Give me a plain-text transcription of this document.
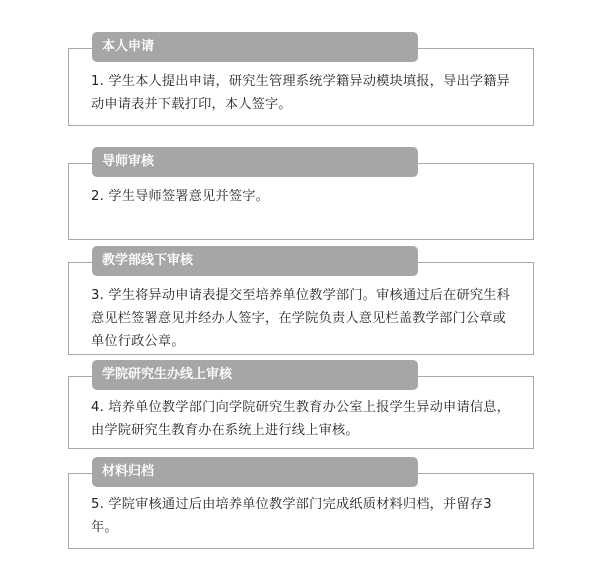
1. 学生本人提出申请，研究生管理系统学籍异动模块填报，导出学籍异动申请表并下载打印，本人签字。
本人申请
2. 学生导师签署意见并签字。
导师审核
3. 学生将异动申请表提交至培养单位教学部门。审核通过后在研究生科意见栏签署意见并经办人签字，在学院负责人意见栏盖教学部门公章或单位行政公章。
教学部线下审核
4. 培养单位教学部门向学院研究生教育办公室上报学生异动申请信息，由学院研究生教育办在系统上进行线上审核。
学院研究生办线上审核
5. 学院审核通过后由培养单位教学部门完成纸质材料归档，并留存3年。
材料归档
